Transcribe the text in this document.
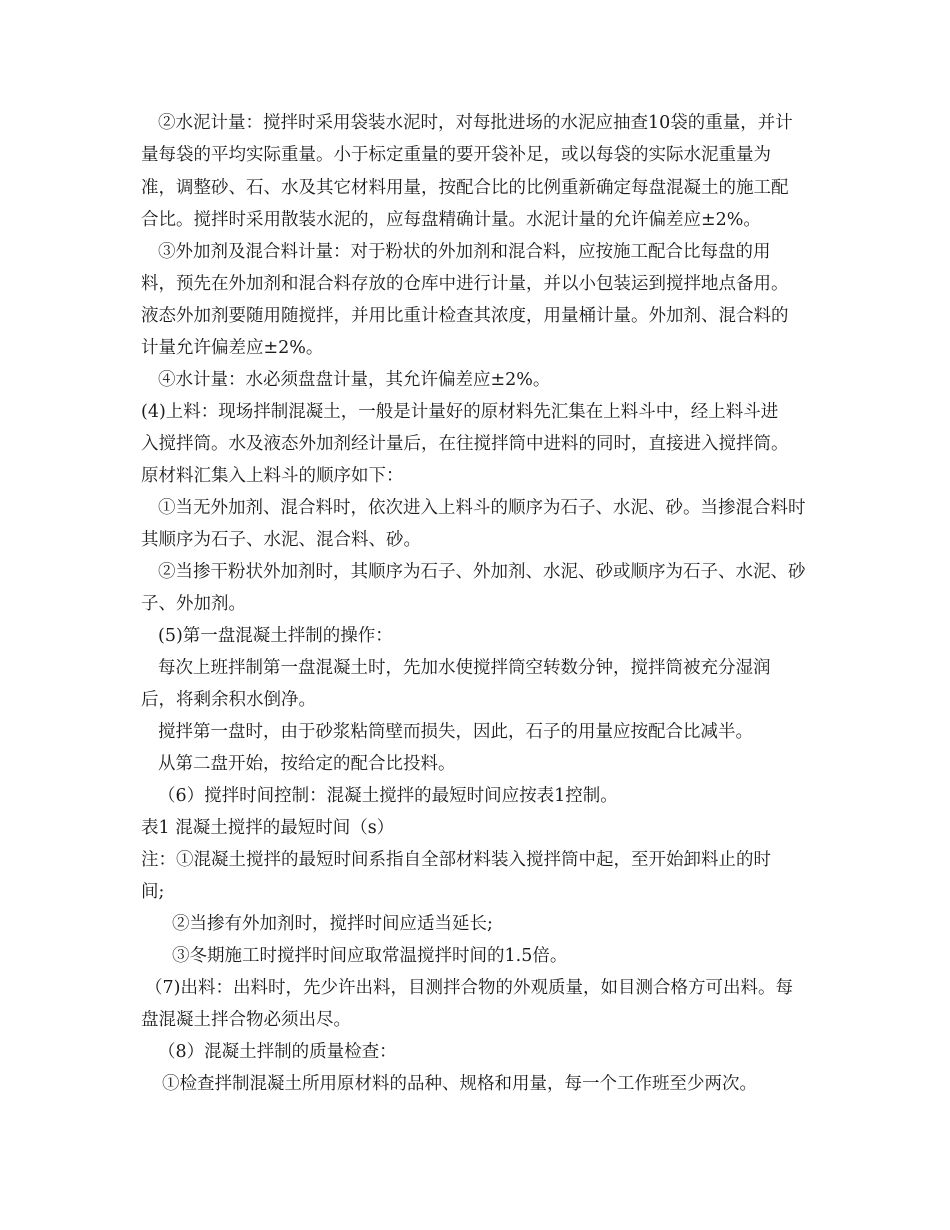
②水泥计量：搅拌时采用袋装水泥时，对每批进场的水泥应抽查10袋的重量，并计
量每袋的平均实际重量。小于标定重量的要开袋补足，或以每袋的实际水泥重量为
准，调整砂、石、水及其它材料用量，按配合比的比例重新确定每盘混凝土的施工配
合比。搅拌时采用散装水泥的，应每盘精确计量。水泥计量的允许偏差应±2%。
③外加剂及混合料计量：对于粉状的外加剂和混合料，应按施工配合比每盘的用
料，预先在外加剂和混合料存放的仓库中进行计量，并以小包装运到搅拌地点备用。
液态外加剂要随用随搅拌，并用比重计检查其浓度，用量桶计量。外加剂、混合料的
计量允许偏差应±2%。
④水计量：水必须盘盘计量，其允许偏差应±2%。
(4)上料：现场拌制混凝土，一般是计量好的原材料先汇集在上料斗中，经上料斗进
入搅拌筒。水及液态外加剂经计量后，在往搅拌筒中进料的同时，直接进入搅拌筒。
原材料汇集入上料斗的顺序如下：
①当无外加剂、混合料时，依次进入上料斗的顺序为石子、水泥、砂。当掺混合料时
其顺序为石子、水泥、混合料、砂。
②当掺干粉状外加剂时，其顺序为石子、外加剂、水泥、砂或顺序为石子、水泥、砂
子、外加剂。
(5)第一盘混凝土拌制的操作：
每次上班拌制第一盘混凝土时，先加水使搅拌筒空转数分钟，搅拌筒被充分湿润
后，将剩余积水倒净。
搅拌第一盘时，由于砂浆粘筒壁而损失，因此，石子的用量应按配合比减半。
从第二盘开始，按给定的配合比投料。
（6）搅拌时间控制：混凝土搅拌的最短时间应按表1控制。
表1 混凝土搅拌的最短时间（s）
注：①混凝土搅拌的最短时间系指自全部材料装入搅拌筒中起，至开始卸料止的时
间;
②当掺有外加剂时，搅拌时间应适当延长;
③冬期施工时搅拌时间应取常温搅拌时间的1.5倍。
（7)出料：出料时，先少许出料，目测拌合物的外观质量，如目测合格方可出料。每
盘混凝土拌合物必须出尽。
（8）混凝土拌制的质量检查：
①检查拌制混凝土所用原材料的品种、规格和用量，每一个工作班至少两次。
